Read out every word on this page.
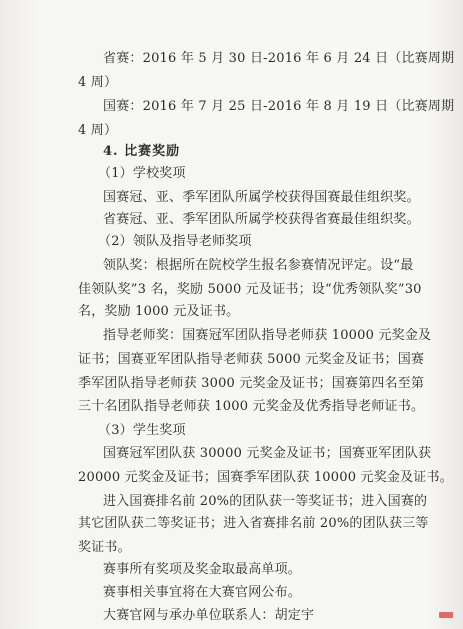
省赛：2016 年 5 月 30 日-2016 年 6 月 24 日（比赛周期
4 周）
国赛：2016 年 7 月 25 日-2016 年 8 月 19 日（比赛周期
4 周）
4. 比赛奖励
（1）学校奖项
国赛冠、亚、季军团队所属学校获得国赛最佳组织奖。
省赛冠、亚、季军团队所属学校获得省赛最佳组织奖。
（2）领队及指导老师奖项
领队奖：根据所在院校学生报名参赛情况评定。设“最
佳领队奖”3 名，奖励 5000 元及证书；设“优秀领队奖”30
名，奖励 1000 元及证书。
指导老师奖：国赛冠军团队指导老师获 10000 元奖金及
证书；国赛亚军团队指导老师获 5000 元奖金及证书；国赛
季军团队指导老师获 3000 元奖金及证书；国赛第四名至第
三十名团队指导老师获 1000 元奖金及优秀指导老师证书。
（3）学生奖项
国赛冠军团队获 30000 元奖金及证书；国赛亚军团队获
20000 元奖金及证书；国赛季军团队获 10000 元奖金及证书。
进入国赛排名前 20%的团队获一等奖证书；进入国赛的
其它团队获二等奖证书；进入省赛排名前 20%的团队获三等
奖证书。
赛事所有奖项及奖金取最高单项。
赛事相关事宜将在大赛官网公布。
大赛官网与承办单位联系人：胡定宇
